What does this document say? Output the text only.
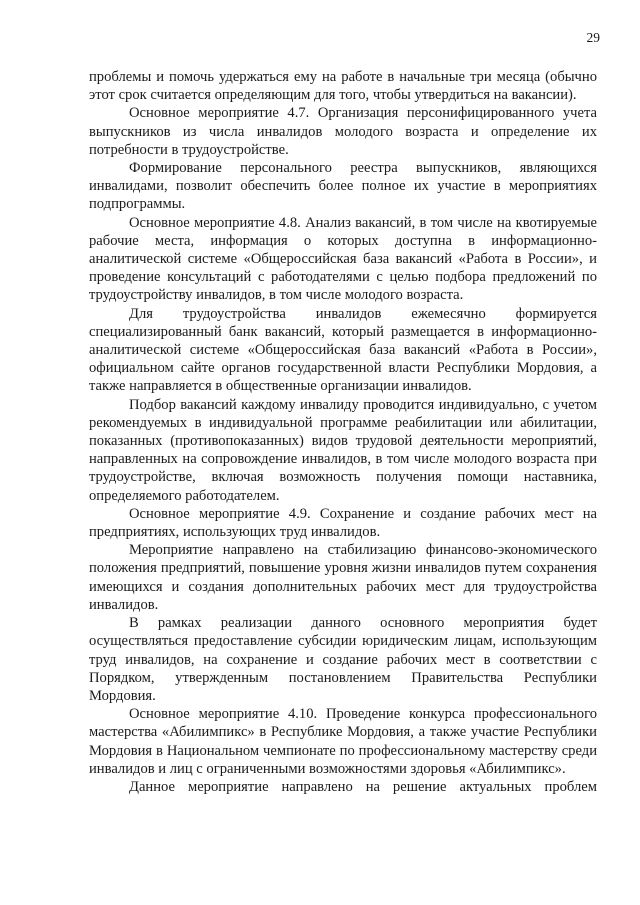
29

проблемы и помочь удержаться ему на работе в начальные три месяца (обычно этот срок считается определяющим для того, чтобы утвердиться на вакансии).

Основное мероприятие 4.7. Организация персонифицированного учета выпускников из числа инвалидов молодого возраста и определение их потребности в трудоустройстве.

Формирование персонального реестра выпускников, являющихся инвалидами, позволит обеспечить более полное их участие в мероприятиях подпрограммы.

Основное мероприятие 4.8. Анализ вакансий, в том числе на квотируемые рабочие места, информация о которых доступна в информационно-аналитической системе «Общероссийская база вакансий «Работа в России», и проведение консультаций с работодателями с целью подбора предложений по трудоустройству инвалидов, в том числе молодого возраста.

Для трудоустройства инвалидов ежемесячно формируется специализированный банк вакансий, который размещается в информационно-аналитической системе «Общероссийская база вакансий «Работа в России», официальном сайте органов государственной власти Республики Мордовия, а также направляется в общественные организации инвалидов.

Подбор вакансий каждому инвалиду проводится индивидуально, с учетом рекомендуемых в индивидуальной программе реабилитации или абилитации, показанных (противопоказанных) видов трудовой деятельности мероприятий, направленных на сопровождение инвалидов, в том числе молодого возраста при трудоустройстве, включая возможность получения помощи наставника, определяемого работодателем.

Основное мероприятие 4.9. Сохранение и создание рабочих мест на предприятиях, использующих труд инвалидов.

Мероприятие направлено на стабилизацию финансово-экономического положения предприятий, повышение уровня жизни инвалидов путем сохранения имеющихся и создания дополнительных рабочих мест для трудоустройства инвалидов.

В рамках реализации данного основного мероприятия будет осуществляться предоставление субсидии юридическим лицам, использующим труд инвалидов, на сохранение и создание рабочих мест в соответствии с Порядком, утвержденным постановлением Правительства Республики Мордовия.

Основное мероприятие 4.10. Проведение конкурса профессионального мастерства «Абилимпикс» в Республике Мордовия, а также участие Республики Мордовия в Национальном чемпионате по профессиональному мастерству среди инвалидов и лиц с ограниченными возможностями здоровья «Абилимпикс».

Данное мероприятие направлено на решение актуальных проблем
